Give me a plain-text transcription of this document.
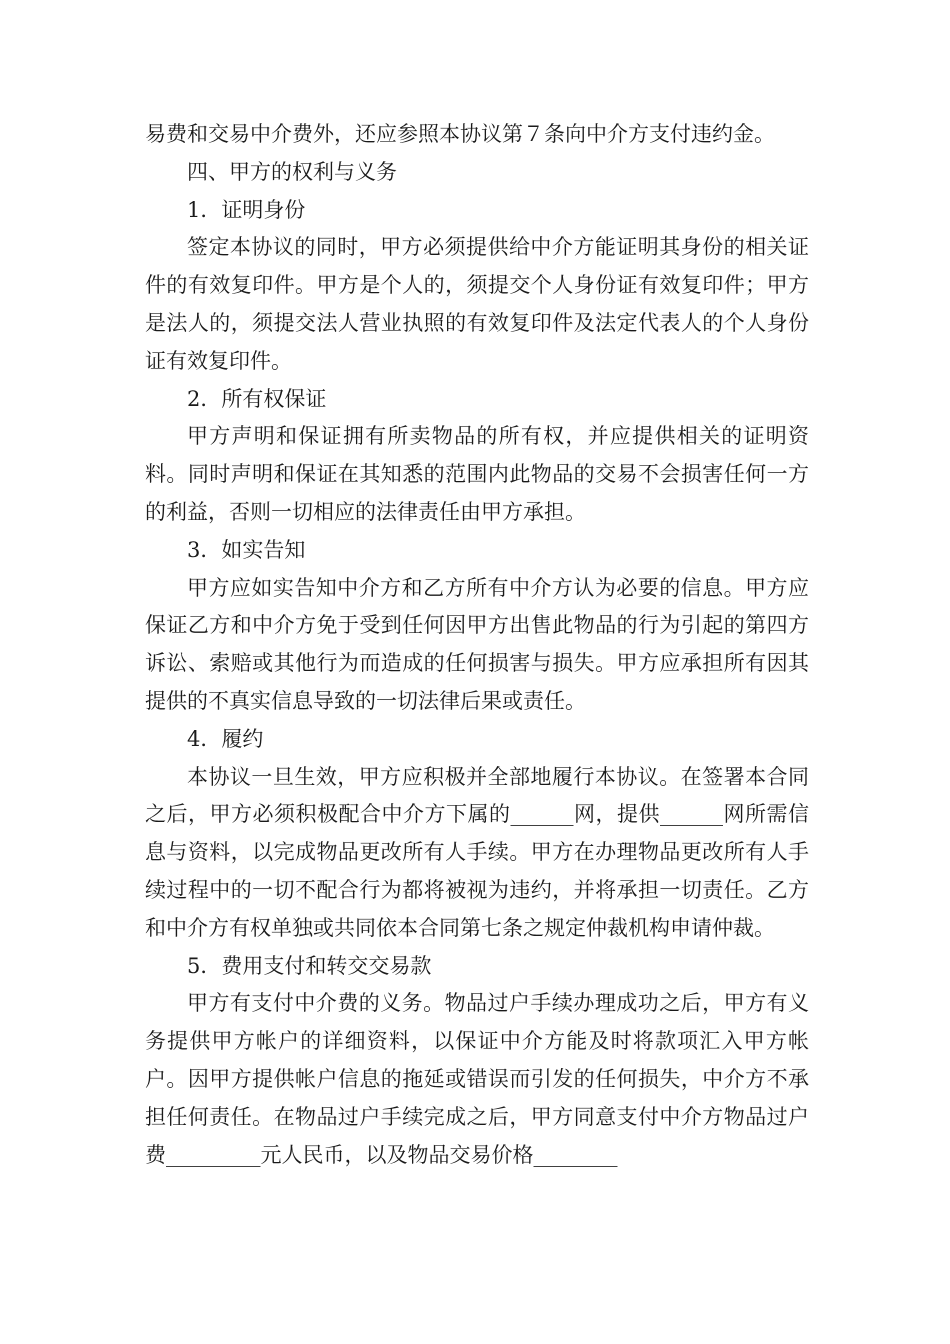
易费和交易中介费外，还应参照本协议第７条向中介方支付违约金。

四、甲方的权利与义务

1．证明身份

签定本协议的同时，甲方必须提供给中介方能证明其身份的相关证件的有效复印件。甲方是个人的，须提交个人身份证有效复印件；甲方是法人的，须提交法人营业执照的有效复印件及法定代表人的个人身份证有效复印件。

2．所有权保证

甲方声明和保证拥有所卖物品的所有权，并应提供相关的证明资料。同时声明和保证在其知悉的范围内此物品的交易不会损害任何一方的利益，否则一切相应的法律责任由甲方承担。

3．如实告知

甲方应如实告知中介方和乙方所有中介方认为必要的信息。甲方应保证乙方和中介方免于受到任何因甲方出售此物品的行为引起的第四方诉讼、索赔或其他行为而造成的任何损害与损失。甲方应承担所有因其提供的不真实信息导致的一切法律后果或责任。

4．履约

本协议一旦生效，甲方应积极并全部地履行本协议。在签署本合同之后，甲方必须积极配合中介方下属的______网，提供______网所需信息与资料，以完成物品更改所有人手续。甲方在办理物品更改所有人手续过程中的一切不配合行为都将被视为违约，并将承担一切责任。乙方和中介方有权单独或共同依本合同第七条之规定仲裁机构申请仲裁。

5．费用支付和转交交易款

甲方有支付中介费的义务。物品过户手续办理成功之后，甲方有义务提供甲方帐户的详细资料，以保证中介方能及时将款项汇入甲方帐户。因甲方提供帐户信息的拖延或错误而引发的任何损失，中介方不承担任何责任。在物品过户手续完成之后，甲方同意支付中介方物品过户费_________元人民币，以及物品交易价格________
